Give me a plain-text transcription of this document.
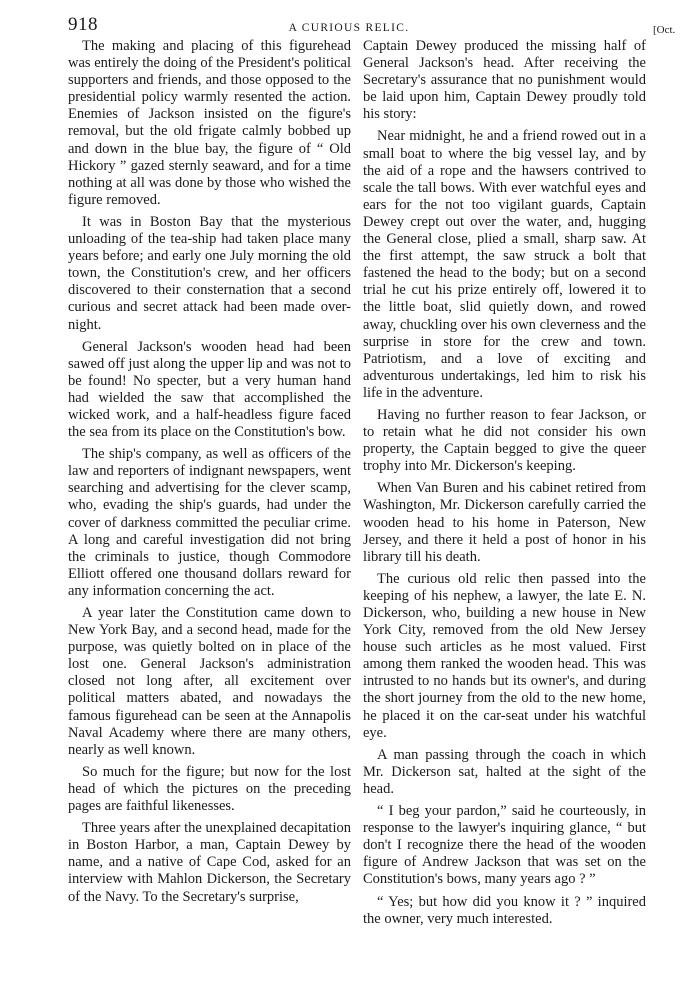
918	A CURIOUS RELIC.	[Oct.

The making and placing of this figurehead was entirely the doing of the President's political supporters and friends, and those opposed to the presidential policy warmly resented the action. Enemies of Jackson insisted on the figure's removal, but the old frigate calmly bobbed up and down in the blue bay, the figure of “ Old Hickory ” gazed sternly seaward, and for a time nothing at all was done by those who wished the figure removed.

It was in Boston Bay that the mysterious unloading of the tea-ship had taken place many years before; and early one July morning the old town, the Constitution's crew, and her officers discovered to their consternation that a second curious and secret attack had been made over-night.

General Jackson's wooden head had been sawed off just along the upper lip and was not to be found! No specter, but a very human hand had wielded the saw that accomplished the wicked work, and a half-headless figure faced the sea from its place on the Constitution's bow.

The ship's company, as well as officers of the law and reporters of indignant newspapers, went searching and advertising for the clever scamp, who, evading the ship's guards, had under the cover of darkness committed the peculiar crime. A long and careful investigation did not bring the criminals to justice, though Commodore Elliott offered one thousand dollars reward for any information concerning the act.

A year later the Constitution came down to New York Bay, and a second head, made for the purpose, was quietly bolted on in place of the lost one. General Jackson's administration closed not long after, all excitement over political matters abated, and nowadays the famous figurehead can be seen at the Annapolis Naval Academy where there are many others, nearly as well known.

So much for the figure; but now for the lost head of which the pictures on the preceding pages are faithful likenesses.

Three years after the unexplained decapitation in Boston Harbor, a man, Captain Dewey by name, and a native of Cape Cod, asked for an interview with Mahlon Dickerson, the Secretary of the Navy. To the Secretary's surprise,

Captain Dewey produced the missing half of General Jackson's head. After receiving the Secretary's assurance that no punishment would be laid upon him, Captain Dewey proudly told his story:

Near midnight, he and a friend rowed out in a small boat to where the big vessel lay, and by the aid of a rope and the hawsers contrived to scale the tall bows. With ever watchful eyes and ears for the not too vigilant guards, Captain Dewey crept out over the water, and, hugging the General close, plied a small, sharp saw. At the first attempt, the saw struck a bolt that fastened the head to the body; but on a second trial he cut his prize entirely off, lowered it to the little boat, slid quietly down, and rowed away, chuckling over his own cleverness and the surprise in store for the crew and town. Patriotism, and a love of exciting and adventurous undertakings, led him to risk his life in the adventure.

Having no further reason to fear Jackson, or to retain what he did not consider his own property, the Captain begged to give the queer trophy into Mr. Dickerson's keeping.

When Van Buren and his cabinet retired from Washington, Mr. Dickerson carefully carried the wooden head to his home in Paterson, New Jersey, and there it held a post of honor in his library till his death.

The curious old relic then passed into the keeping of his nephew, a lawyer, the late E. N. Dickerson, who, building a new house in New York City, removed from the old New Jersey house such articles as he most valued. First among them ranked the wooden head. This was intrusted to no hands but its owner's, and during the short journey from the old to the new home, he placed it on the car-seat under his watchful eye.

A man passing through the coach in which Mr. Dickerson sat, halted at the sight of the head.

“ I beg your pardon,” said he courteously, in response to the lawyer's inquiring glance, “ but don't I recognize there the head of the wooden figure of Andrew Jackson that was set on the Constitution's bows, many years ago ? ”

“ Yes; but how did you know it ? ” inquired the owner, very much interested.
